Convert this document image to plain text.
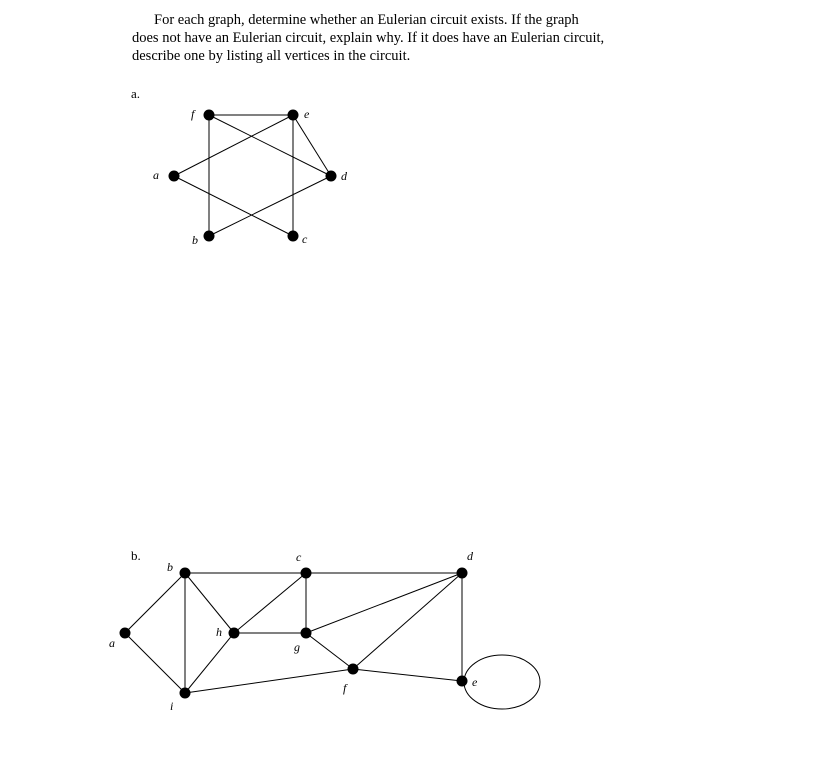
For each graph, determine whether an Eulerian circuit exists. If the graph
does not have an Eulerian circuit, explain why. If it does have an Eulerian circuit,
describe one by listing all vertices in the circuit.

a.
b.
f	e
d
a
b	c
a
b
c	d
h
g
f	e
i
